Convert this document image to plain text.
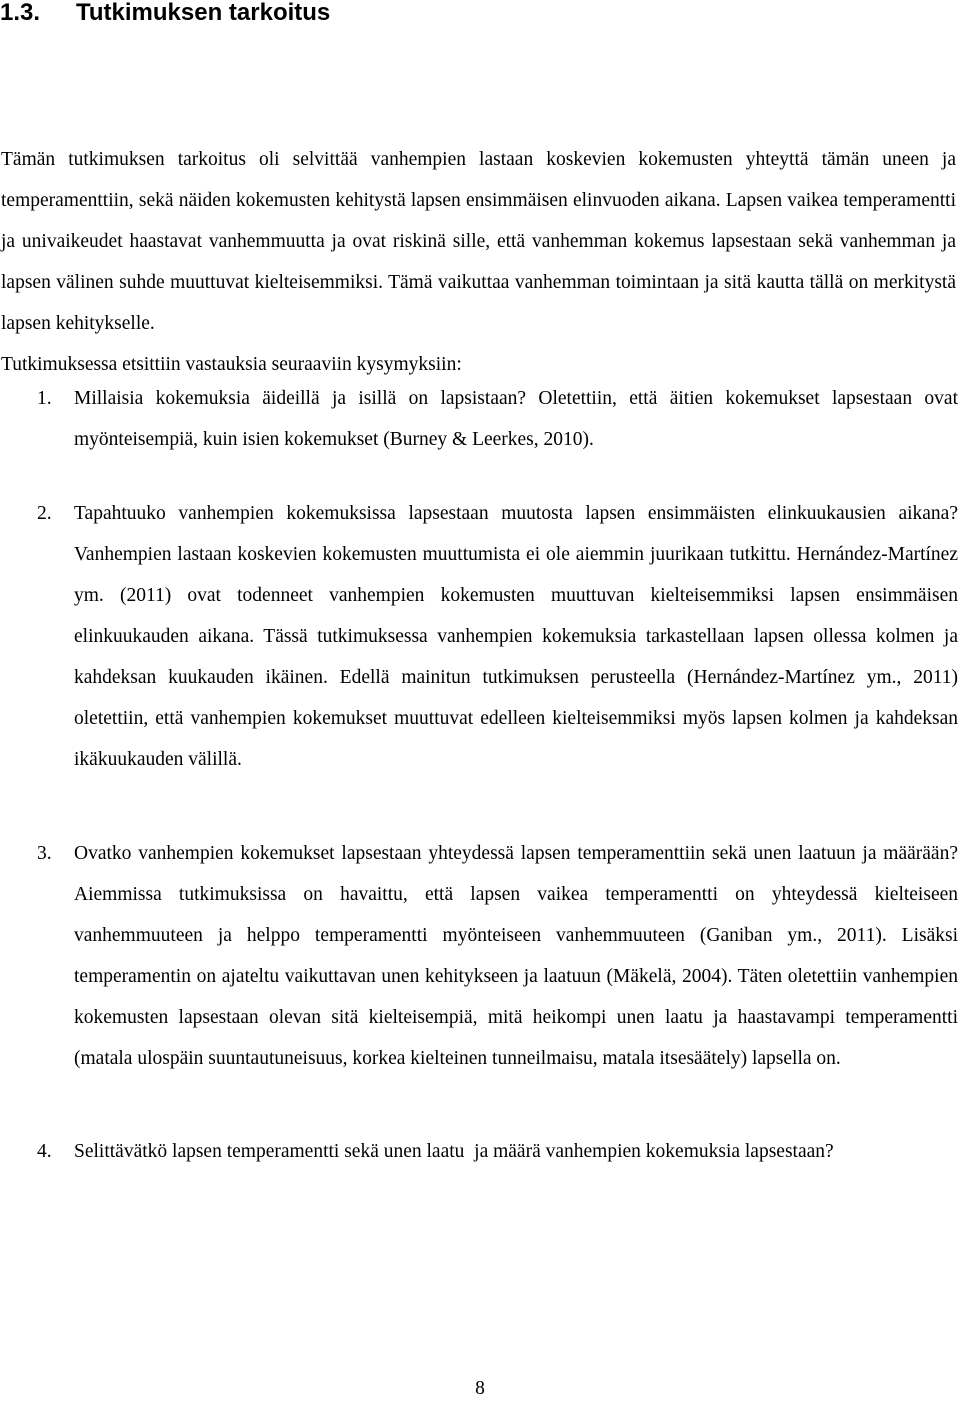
1.3. Tutkimuksen tarkoitus
Tämän tutkimuksen tarkoitus oli selvittää vanhempien lastaan koskevien kokemusten yhteyttä tämän uneen ja temperamenttiin, sekä näiden kokemusten kehitystä lapsen ensimmäisen elinvuoden aikana. Lapsen vaikea temperamentti ja univaikeudet haastavat vanhemmuutta ja ovat riskinä sille, että vanhemman kokemus lapsestaan sekä vanhemman ja lapsen välinen suhde muuttuvat kielteisemmiksi. Tämä vaikuttaa vanhemman toimintaan ja sitä kautta tällä on merkitystä lapsen kehitykselle.
Tutkimuksessa etsittiin vastauksia seuraaviin kysymyksiin:
1.	Millaisia kokemuksia äideillä ja isillä on lapsistaan? Oletettiin, että äitien kokemukset lapsestaan ovat myönteisempiä, kuin isien kokemukset (Burney & Leerkes, 2010).
2.	Tapahtuuko vanhempien kokemuksissa lapsestaan muutosta lapsen ensimmäisten elinkuukausien aikana? Vanhempien lastaan koskevien kokemusten muuttumista ei ole aiemmin juurikaan tutkittu. Hernández-Martínez ym. (2011) ovat todenneet vanhempien kokemusten muuttuvan kielteisemmiksi lapsen ensimmäisen elinkuukauden aikana. Tässä tutkimuksessa vanhempien kokemuksia tarkastellaan lapsen ollessa kolmen ja kahdeksan kuukauden ikäinen. Edellä mainitun tutkimuksen perusteella (Hernández-Martínez ym., 2011) oletettiin, että vanhempien kokemukset muuttuvat edelleen kielteisemmiksi myös lapsen kolmen ja kahdeksan ikäkuukauden välillä.
3.	Ovatko vanhempien kokemukset lapsestaan yhteydessä lapsen temperamenttiin sekä unen laatuun ja määrään? Aiemmissa tutkimuksissa on havaittu, että lapsen vaikea temperamentti on yhteydessä kielteiseen vanhemmuuteen ja helppo temperamentti myönteiseen vanhemmuuteen (Ganiban ym., 2011). Lisäksi temperamentin on ajateltu vaikuttavan unen kehitykseen ja laatuun (Mäkelä, 2004). Täten oletettiin vanhempien kokemusten lapsestaan olevan sitä kielteisempiä, mitä heikompi unen laatu ja haastavampi temperamentti (matala ulospäin suuntautuneisuus, korkea kielteinen tunneilmaisu, matala itsesäätely) lapsella on.
4.	Selittävätkö lapsen temperamentti sekä unen laatu  ja määrä vanhempien kokemuksia lapsestaan?
8
